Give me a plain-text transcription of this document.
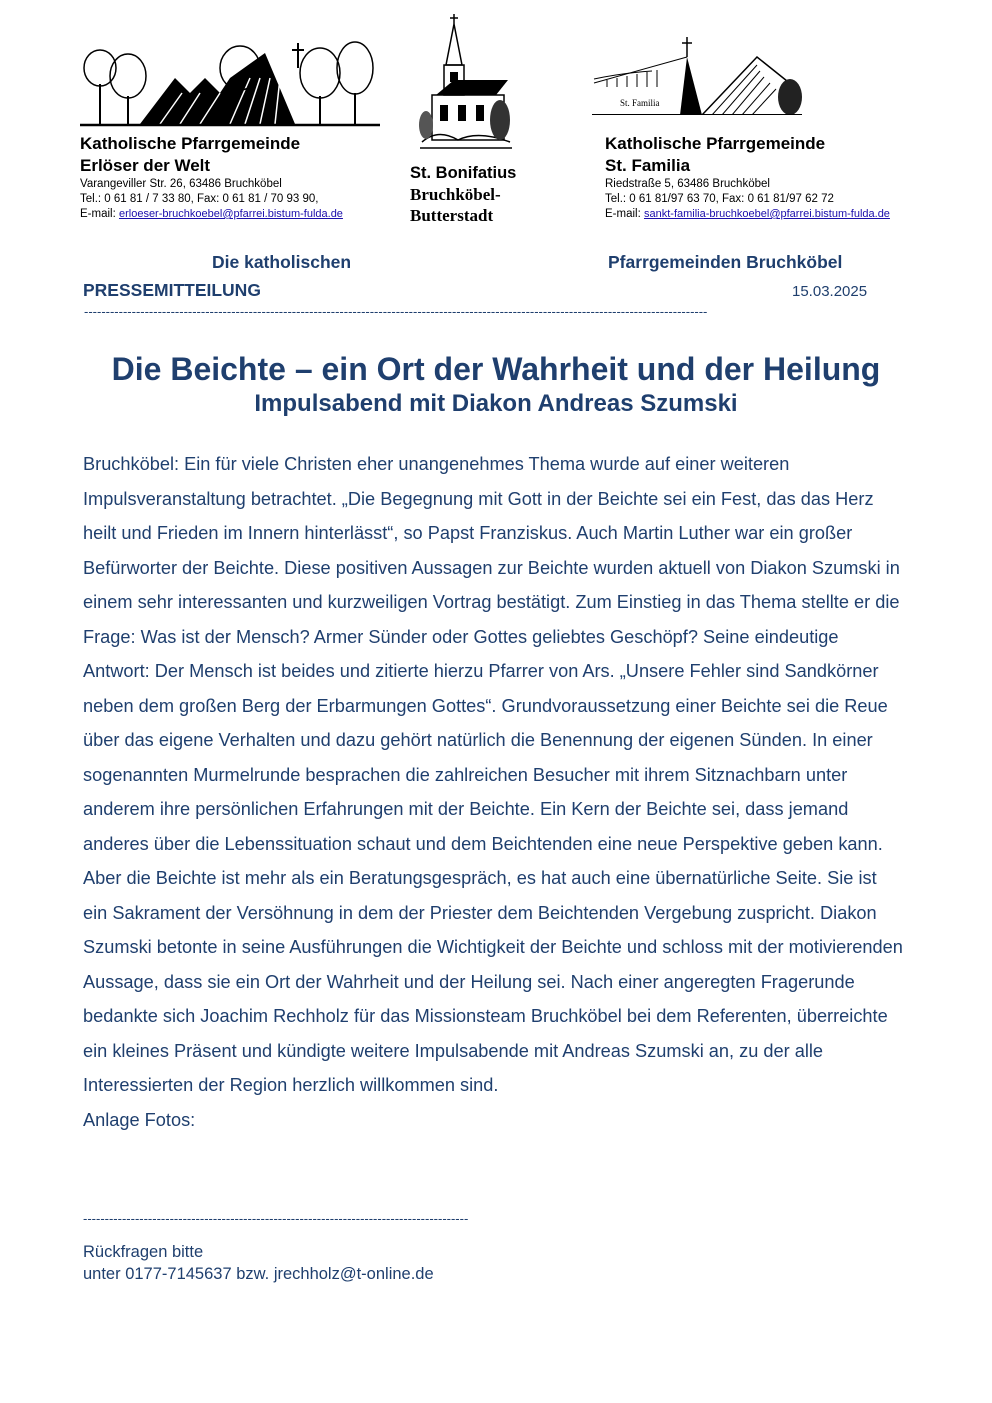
St. Familia
Katholische Pfarrgemeinde
Erlöser der Welt
Varangeviller Str. 26, 63486 Bruchköbel
Tel.: 0 61 81 / 7 33 80, Fax: 0 61 81 / 70 93 90,
E-mail: erloeser-bruchkoebel@pfarrei.bistum-fulda.de
St. Bonifatius
Bruchköbel-
Butterstadt
Katholische Pfarrgemeinde
St. Familia
Riedstraße 5, 63486 Bruchköbel
Tel.: 0 61 81/97 63 70, Fax: 0 61 81/97 62 72
E-mail: sankt-familia-bruchkoebel@pfarrei.bistum-fulda.de
Die katholischen	Pfarrgemeinden Bruchköbel
PRESSEMITTEILUNG	15.03.2025
------------------------------------------------------------------------------------------------------------------------------------------------
Die Beichte – ein Ort der Wahrheit und der Heilung
Impulsabend mit Diakon Andreas Szumski

Bruchköbel: Ein für viele Christen eher unangenehmes Thema wurde auf einer weiteren Impulsveranstaltung betrachtet. „Die Begegnung mit Gott in der Beichte sei ein Fest, das das Herz heilt und Frieden im Innern hinterlässt“, so Papst Franziskus. Auch Martin Luther war ein großer Befürworter der Beichte. Diese positiven Aussagen zur Beichte wurden aktuell von Diakon Szumski in einem sehr interessanten und kurzweiligen Vortrag bestätigt. Zum Einstieg in das Thema stellte er die Frage: Was ist der Mensch? Armer Sünder oder Gottes geliebtes Geschöpf? Seine eindeutige Antwort: Der Mensch ist beides und zitierte hierzu Pfarrer von Ars. „Unsere Fehler sind Sandkörner neben dem großen Berg der Erbarmungen Gottes“. Grundvoraussetzung einer Beichte sei die Reue über das eigene Verhalten und dazu gehört natürlich die Benennung der eigenen Sünden. In einer sogenannten Murmelrunde besprachen die zahlreichen Besucher mit ihrem Sitznachbarn unter anderem ihre persönlichen Erfahrungen mit der Beichte. Ein Kern der Beichte sei, dass jemand anderes über die Lebenssituation schaut und dem Beichtenden eine neue Perspektive geben kann. Aber die Beichte ist mehr als ein Beratungsgespräch, es hat auch eine übernatürliche Seite. Sie ist ein Sakrament der Versöhnung in dem der Priester dem Beichtenden Vergebung zuspricht. Diakon Szumski betonte in seine Ausführungen die Wichtigkeit der Beichte und schloss mit der motivierenden Aussage, dass sie ein Ort der Wahrheit und der Heilung sei. Nach einer angeregten Fragerunde bedankte sich Joachim Rechholz für das Missionsteam Bruchköbel bei dem Referenten, überreichte ein kleines Präsent und kündigte weitere Impulsabende mit Andreas Szumski an, zu der alle Interessierten der Region herzlich willkommen sind.

Anlage Fotos:

-----------------------------------------------------------------------------------------
Rückfragen bitte
unter 0177-7145637 bzw. jrechholz@t-online.de
